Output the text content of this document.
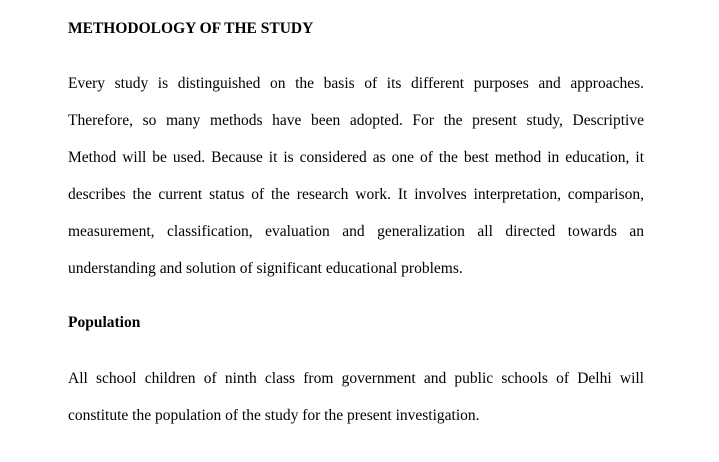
METHODOLOGY OF THE STUDY

Every study is distinguished on the basis of its different purposes and approaches.
Therefore, so many methods have been adopted. For the present study, Descriptive
Method will be used. Because it is considered as one of the best method in education, it
describes the current status of the research work. It involves interpretation, comparison,
measurement, classification, evaluation and generalization all directed towards an
understanding and solution of significant educational problems.

Population

All school children of ninth class from government and public schools of Delhi will
constitute the population of the study for the present investigation.
